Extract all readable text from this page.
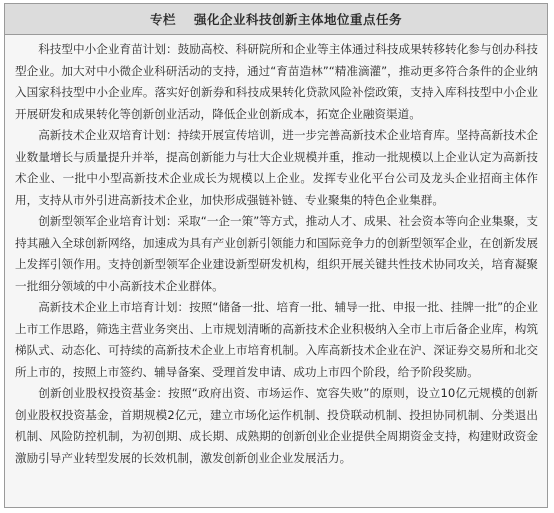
专栏 强化企业科技创新主体地位重点任务

科技型中小企业育苗计划：鼓励高校、科研院所和企业等主体通过科技成果转移转化参与创办科技型企业。加大对中小微企业科研活动的支持，通过“育苗造林”“精准滴灌”，推动更多符合条件的企业纳入国家科技型中小企业库。落实好创新券和科技成果转化贷款风险补偿政策，支持入库科技型中小企业开展研发和成果转化等创新创业活动，降低企业创新成本，拓宽企业融资渠道。

高新技术企业双培育计划：持续开展宣传培训，进一步完善高新技术企业培育库。坚持高新技术企业数量增长与质量提升并举，提高创新能力与壮大企业规模并重，推动一批规模以上企业认定为高新技术企业、一批中小型高新技术企业成长为规模以上企业。发挥专业化平台公司及龙头企业招商主体作用，支持从市外引进高新技术企业，加快形成强链补链、专业聚集的特色企业集群。

创新型领军企业培育计划：采取“一企一策”等方式，推动人才、成果、社会资本等向企业集聚，支持其融入全球创新网络，加速成为具有产业创新引领能力和国际竞争力的创新型领军企业，在创新发展上发挥引领作用。支持创新型领军企业建设新型研发机构，组织开展关键共性技术协同攻关，培育凝聚一批细分领域的中小高新技术企业群体。

高新技术企业上市培育计划：按照“储备一批、培育一批、辅导一批、申报一批、挂牌一批”的企业上市工作思路，筛选主营业务突出、上市规划清晰的高新技术企业积极纳入全市上市后备企业库，构筑梯队式、动态化、可持续的高新技术企业上市培育机制。入库高新技术企业在沪、深证券交易所和北交所上市的，按照上市签约、辅导备案、受理首发申请、成功上市四个阶段，给予阶段奖励。

创新创业股权投资基金：按照“政府出资、市场运作、宽容失败”的原则，设立10亿元规模的创新创业股权投资基金，首期规模2亿元，建立市场化运作机制、投贷联动机制、投担协同机制、分类退出机制、风险防控机制，为初创期、成长期、成熟期的创新创业企业提供全周期资金支持，构建财政资金激励引导产业转型发展的长效机制，激发创新创业企业发展活力。
